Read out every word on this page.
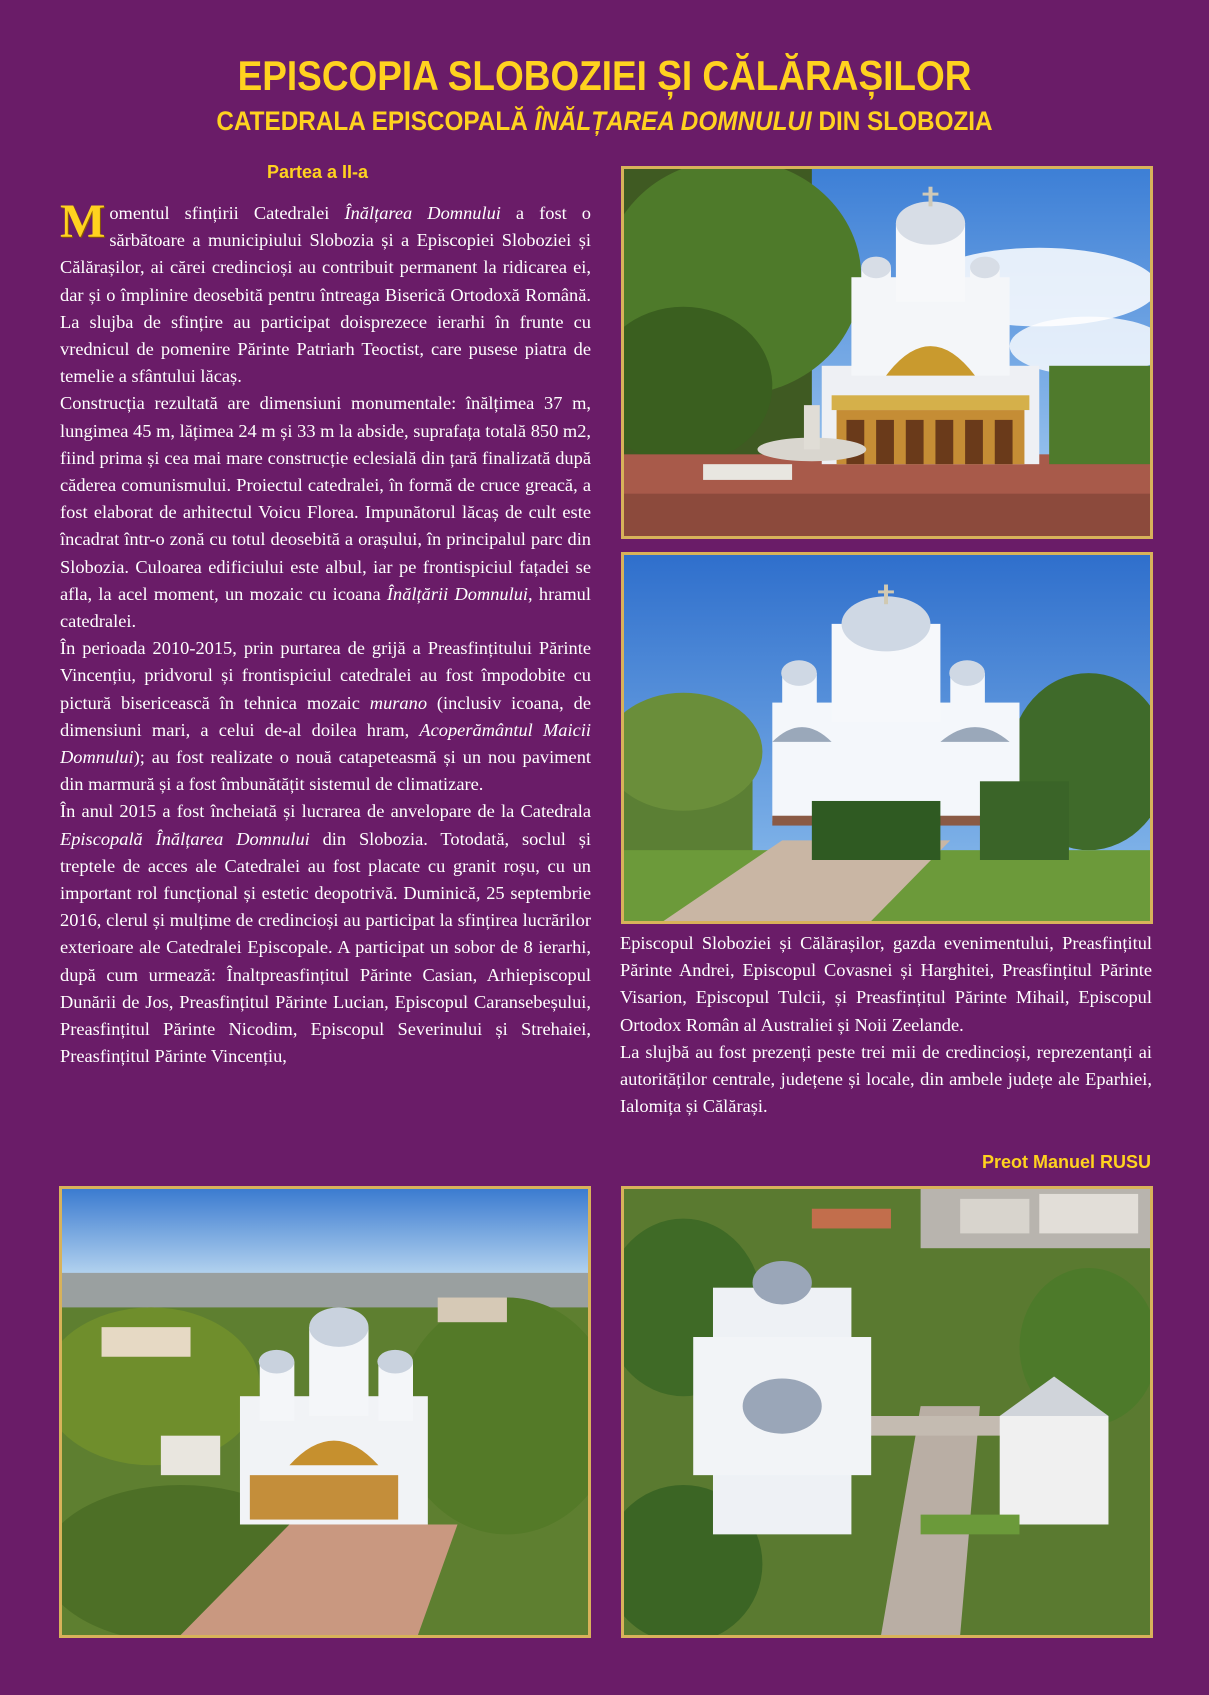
EPISCOPIA SLOBOZIEI ȘI CĂLĂRAȘILOR
CATEDRALA EPISCOPALĂ ÎNĂLȚAREA DOMNULUI DIN SLOBOZIA
Partea a II-a

Momentul sfințirii Catedralei Înălțarea Domnului a fost o sărbătoare a municipiului Slobozia și a Episcopiei Sloboziei și Călărașilor, ai cărei credincioși au contribuit permanent la ridicarea ei, dar și o împlinire deosebită pentru întreaga Biserică Ortodoxă Română. La slujba de sfințire au participat doisprezece ierarhi în frunte cu vrednicul de pomenire Părinte Patriarh Teoctist, care pusese piatra de temelie a sfântului lăcaș.

Construcția rezultată are dimensiuni monumentale: înălțimea 37 m, lungimea 45 m, lățimea 24 m și 33 m la abside, suprafața totală 850 m2, fiind prima și cea mai mare construcție eclesială din țară finalizată după căderea comunismului. Proiectul catedralei, în formă de cruce greacă, a fost elaborat de arhitectul Voicu Florea. Impunătorul lăcaș de cult este încadrat într-o zonă cu totul deosebită a orașului, în principalul parc din Slobozia. Culoarea edificiului este albul, iar pe frontispiciul fațadei se afla, la acel moment, un mozaic cu icoana Înălțării Domnului, hramul catedralei.

În perioada 2010-2015, prin purtarea de grijă a Preasfințitului Părinte Vincențiu, pridvorul și frontispiciul catedralei au fost împodobite cu pictură bisericească în tehnica mozaic murano (inclusiv icoana, de dimensiuni mari, a celui de-al doilea hram, Acoperământul Maicii Domnului); au fost realizate o nouă catapeteasmă și un nou paviment din marmură și a fost îmbunătățit sistemul de climatizare.

În anul 2015 a fost încheiată și lucrarea de anvelopare de la Catedrala Episcopală Înălțarea Domnului din Slobozia. Totodată, soclul și treptele de acces ale Catedralei au fost placate cu granit roșu, cu un important rol funcțional și estetic deopotrivă. Duminică, 25 septembrie 2016, clerul și mulțime de credincioși au participat la sfințirea lucrărilor exterioare ale Catedralei Episcopale. A participat un sobor de 8 ierarhi, după cum urmează: Înaltpreasfințitul Părinte Casian, Arhiepiscopul Dunării de Jos, Preasfințitul Părinte Lucian, Episcopul Caransebeșului, Preasfințitul Părinte Nicodim, Episcopul Severinului și Strehaiei, Preasfințitul Părinte Vincențiu,

Episcopul Sloboziei și Călărașilor, gazda evenimentului, Preasfințitul Părinte Andrei, Episcopul Covasnei și Harghitei, Preasfințitul Părinte Visarion, Episcopul Tulcii, și Preasfințitul Părinte Mihail, Episcopul Ortodox Român al Australiei și Noii Zeelande.

La slujbă au fost prezenți peste trei mii de credincioși, reprezentanți ai autorităților centrale, județene și locale, din ambele județe ale Eparhiei, Ialomița și Călărași.

Preot Manuel RUSU
